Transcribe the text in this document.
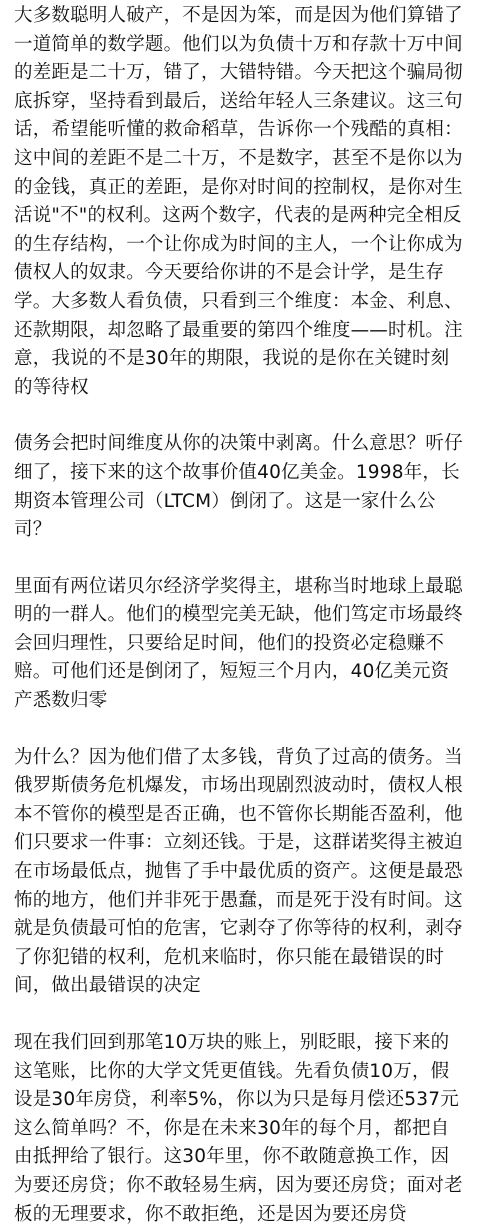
大多数聪明人破产，不是因为笨，而是因为他们算错了一道简单的数学题。他们以为负债十万和存款十万中间的差距是二十万，错了，大错特错。今天把这个骗局彻底拆穿，坚持看到最后，送给年轻人三条建议。这三句话，希望能听懂的救命稻草，告诉你一个残酷的真相：这中间的差距不是二十万，不是数字，甚至不是你以为的金钱，真正的差距，是你对时间的控制权，是你对生活说"不"的权利。这两个数字，代表的是两种完全相反的生存结构，一个让你成为时间的主人，一个让你成为债权人的奴隶。今天要给你讲的不是会计学，是生存学。大多数人看负债，只看到三个维度：本金、利息、还款期限，却忽略了最重要的第四个维度——时机。注意，我说的不是30年的期限，我说的是你在关键时刻的等待权

债务会把时间维度从你的决策中剥离。什么意思？听仔细了，接下来的这个故事价值40亿美金。1998年，长期资本管理公司（LTCM）倒闭了。这是一家什么公司？

里面有两位诺贝尔经济学奖得主，堪称当时地球上最聪明的一群人。他们的模型完美无缺，他们笃定市场最终会回归理性，只要给足时间，他们的投资必定稳赚不赔。可他们还是倒闭了，短短三个月内，40亿美元资产悉数归零

为什么？因为他们借了太多钱，背负了过高的债务。当俄罗斯债务危机爆发，市场出现剧烈波动时，债权人根本不管你的模型是否正确，也不管你长期能否盈利，他们只要求一件事：立刻还钱。于是，这群诺奖得主被迫在市场最低点，抛售了手中最优质的资产。这便是最恐怖的地方，他们并非死于愚蠢，而是死于没有时间。这就是负债最可怕的危害，它剥夺了你等待的权利，剥夺了你犯错的权利，危机来临时，你只能在最错误的时间，做出最错误的决定

现在我们回到那笔10万块的账上，别眨眼，接下来的这笔账，比你的大学文凭更值钱。先看负债10万，假设是30年房贷，利率5%，你以为只是每月偿还537元这么简单吗？不，你是在未来30年的每个月，都把自由抵押给了银行。这30年里，你不敢随意换工作，因为要还房贷；你不敢轻易生病，因为要还房贷；面对老板的无理要求，你不敢拒绝，还是因为要还房贷
